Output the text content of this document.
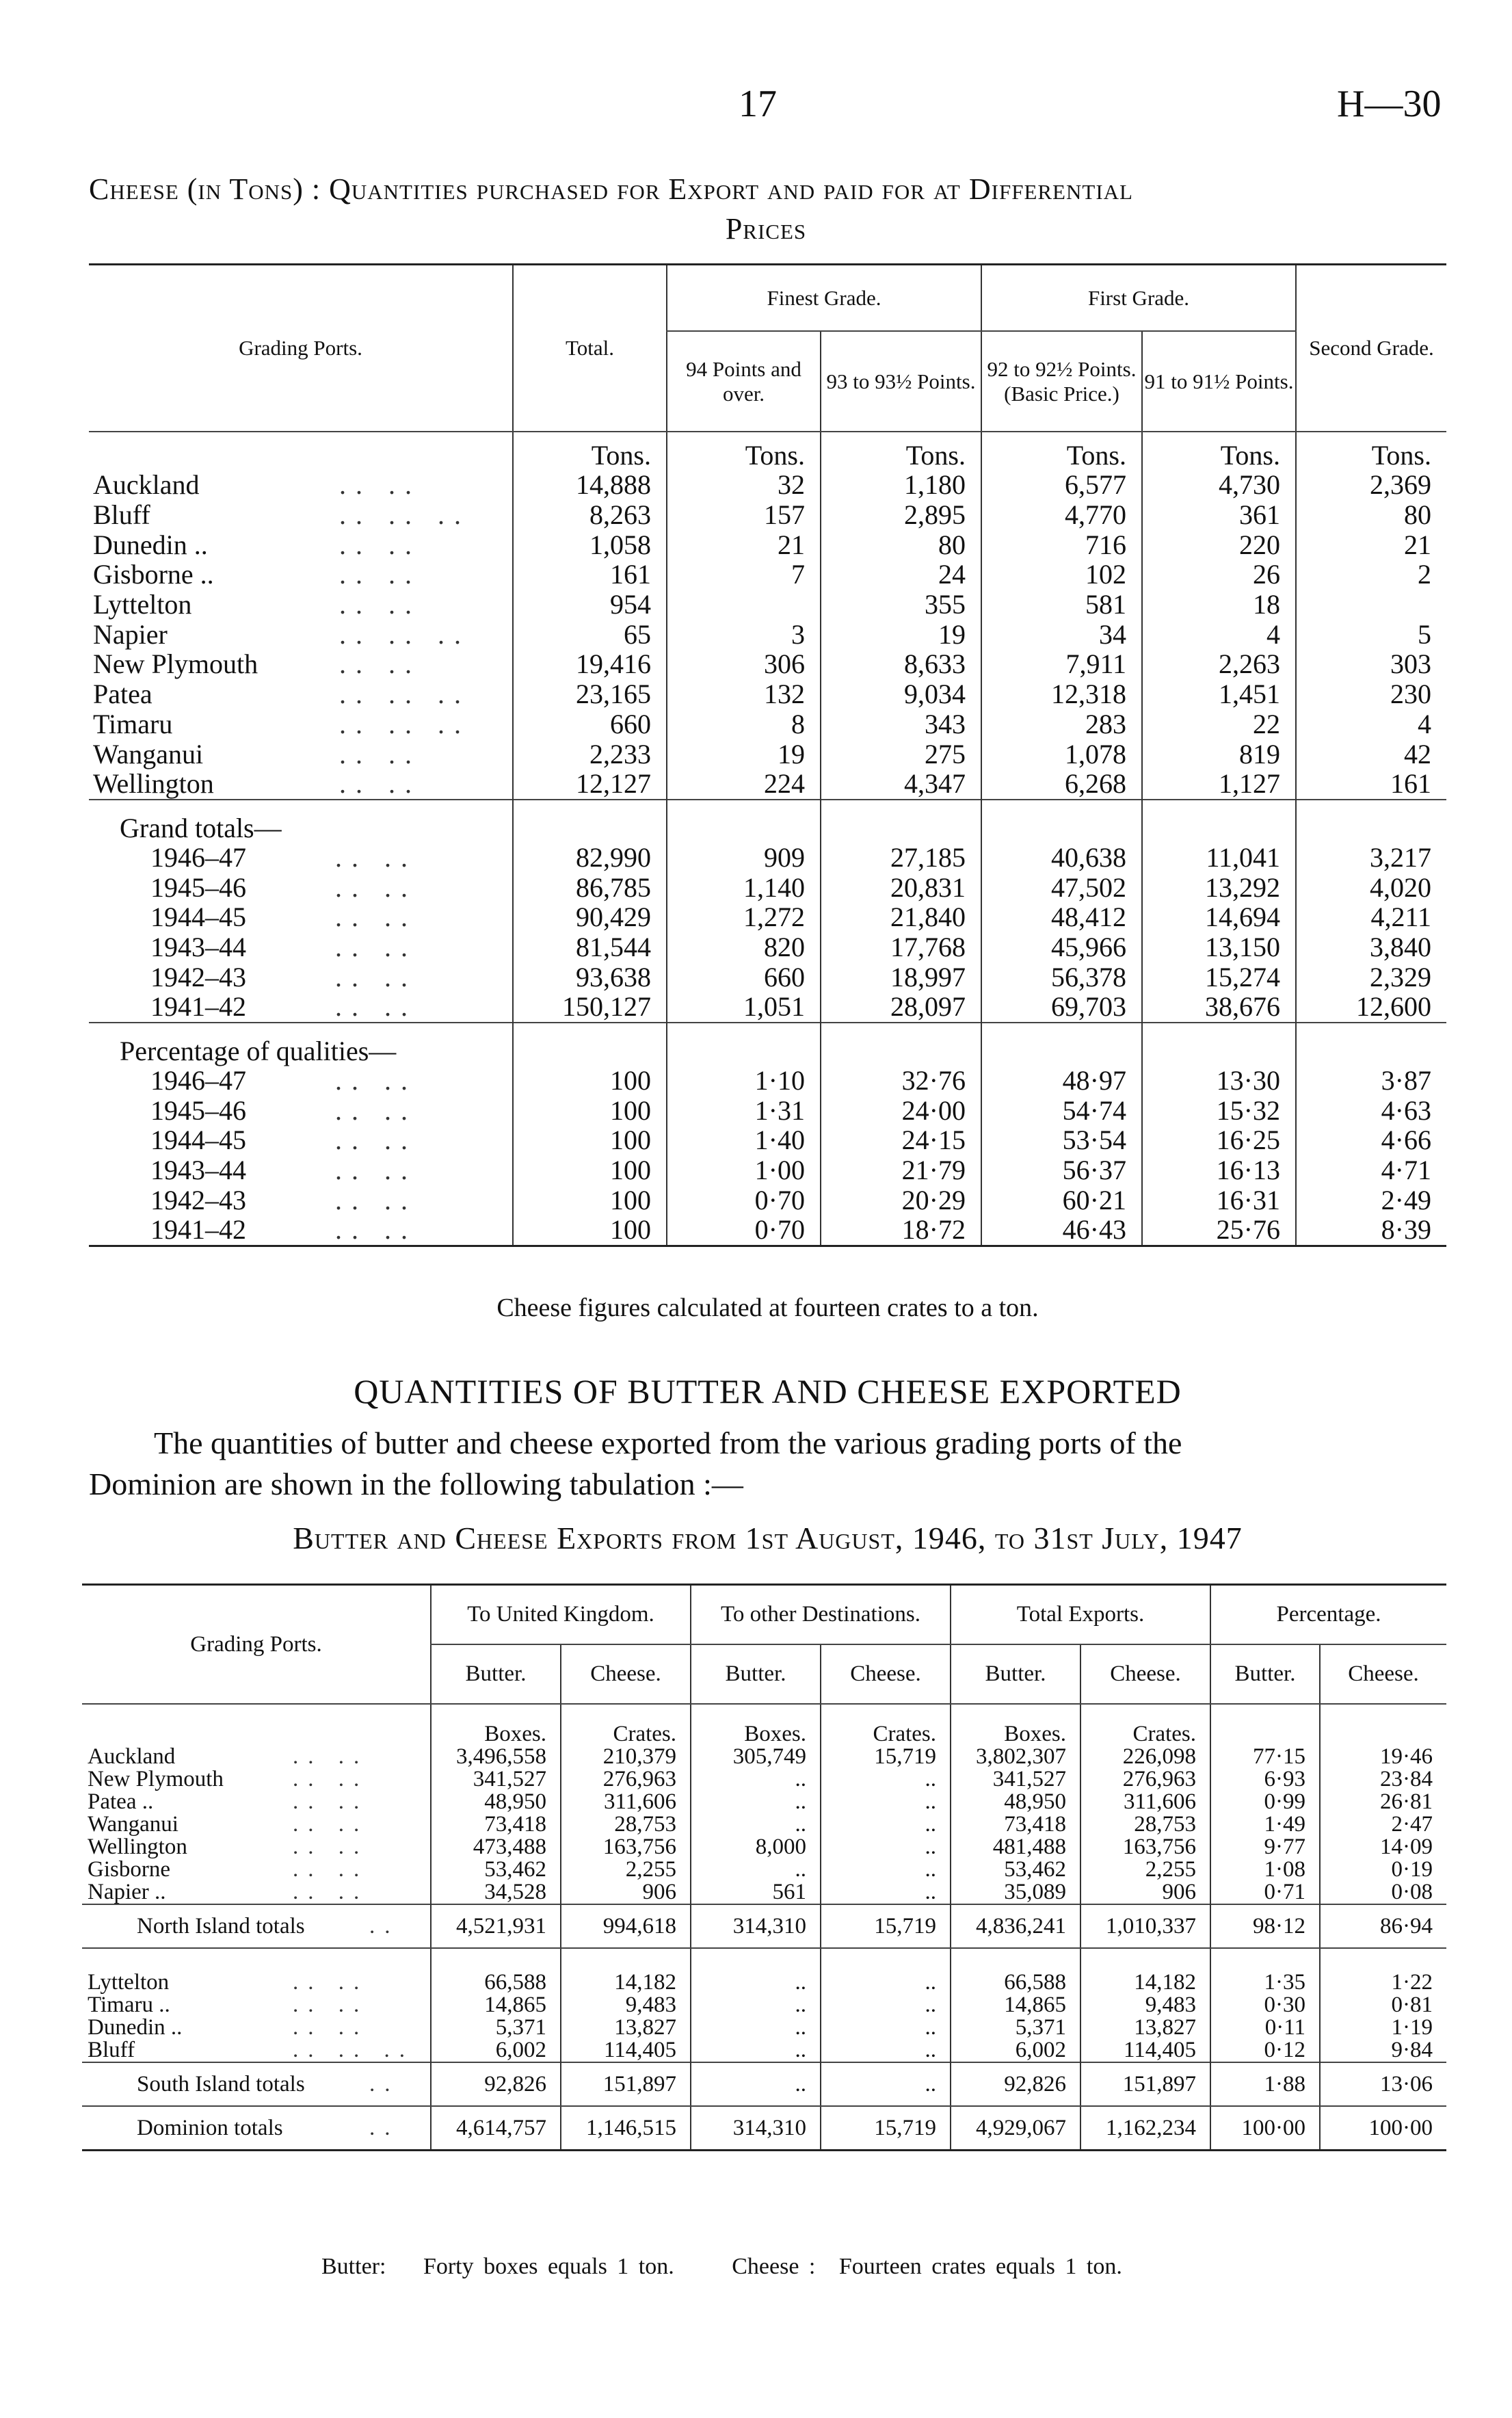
17	H—30
Cheese (in Tons) : Quantities purchased for Export and paid for at Differential
Prices
Grading Ports.	Total.	Finest Grade.		First Grade.		Second Grade.
		94 Points and over.	93 to 93½ Points.	92 to 92½ Points. (Basic Price.)	91 to 91½ Points.	
	Tons.	Tons.	Tons.	Tons.	Tons.	Tons.
Auckland .. ..	14,888	32	1,180	6,577	4,730	2,369
Bluff .. .. ..	8,263	157	2,895	4,770	361	80
Dunedin .. .. ..	1,058	21	80	716	220	21
Gisborne .. .. ..	161	7	24	102	26	2
Lyttelton .. ..	954		355	581	18	
Napier .. .. ..	65	3	19	34	4	5
New Plymouth .. ..	19,416	306	8,633	7,911	2,263	303
Patea .. .. ..	23,165	132	9,034	12,318	1,451	230
Timaru .. .. ..	660	8	343	283	22	4
Wanganui .. ..	2,233	19	275	1,078	819	42
Wellington .. ..	12,127	224	4,347	6,268	1,127	161
Grand totals—						
1946–47 .. ..	82,990	909	27,185	40,638	11,041	3,217
1945–46 .. ..	86,785	1,140	20,831	47,502	13,292	4,020
1944–45 .. ..	90,429	1,272	21,840	48,412	14,694	4,211
1943–44 .. ..	81,544	820	17,768	45,966	13,150	3,840
1942–43 .. ..	93,638	660	18,997	56,378	15,274	2,329
1941–42 .. ..	150,127	1,051	28,097	69,703	38,676	12,600
Percentage of qualities—						
1946–47 .. ..	100	1·10	32·76	48·97	13·30	3·87
1945–46 .. ..	100	1·31	24·00	54·74	15·32	4·63
1944–45 .. ..	100	1·40	24·15	53·54	16·25	4·66
1943–44 .. ..	100	1·00	21·79	56·37	16·13	4·71
1942–43 .. ..	100	0·70	20·29	60·21	16·31	2·49
1941–42 .. ..	100	0·70	18·72	46·43	25·76	8·39
Cheese figures calculated at fourteen crates to a ton.
QUANTITIES OF BUTTER AND CHEESE EXPORTED
The quantities of butter and cheese exported from the various grading ports of the
Dominion are shown in the following tabulation :—
Butter and Cheese Exports from 1st August, 1946, to 31st July, 1947
Grading Ports.	To United Kingdom.		To other Destinations.		Total Exports.		Percentage.	
	Butter.	Cheese.	Butter.	Cheese.	Butter.	Cheese.	Butter.	Cheese.
	Boxes.	Crates.	Boxes.	Crates.	Boxes.	Crates.		
Auckland .. ..	3,496,558	210,379	305,749	15,719	3,802,307	226,098	77·15	19·46
New Plymouth .. ..	341,527	276,963	..	..	341,527	276,963	6·93	23·84
Patea .. .. ..	48,950	311,606	..	..	48,950	311,606	0·99	26·81
Wanganui .. ..	73,418	28,753	..	..	73,418	28,753	1·49	2·47
Wellington .. ..	473,488	163,756	8,000	..	481,488	163,756	9·77	14·09
Gisborne .. ..	53,462	2,255	..	..	53,462	2,255	1·08	0·19
Napier .. .. ..	34,528	906	561	..	35,089	906	0·71	0·08
North Island totals ..	4,521,931	994,618	314,310	15,719	4,836,241	1,010,337	98·12	86·94

Lyttelton .. ..	66,588	14,182	..	..	66,588	14,182	1·35	1·22
Timaru .. .. ..	14,865	9,483	..	..	14,865	9,483	0·30	0·81
Dunedin .. .. ..	5,371	13,827	..	..	5,371	13,827	0·11	1·19
Bluff .. .. ..	6,002	114,405	..	..	6,002	114,405	0·12	9·84
South Island totals ..	92,826	151,897	..	..	92,826	151,897	1·88	13·06
Dominion totals ..	4,614,757	1,146,515	314,310	15,719	4,929,067	1,162,234	100·00	100·00
Butter: Forty boxes equals 1 ton. Cheese : Fourteen crates equals 1 ton.
